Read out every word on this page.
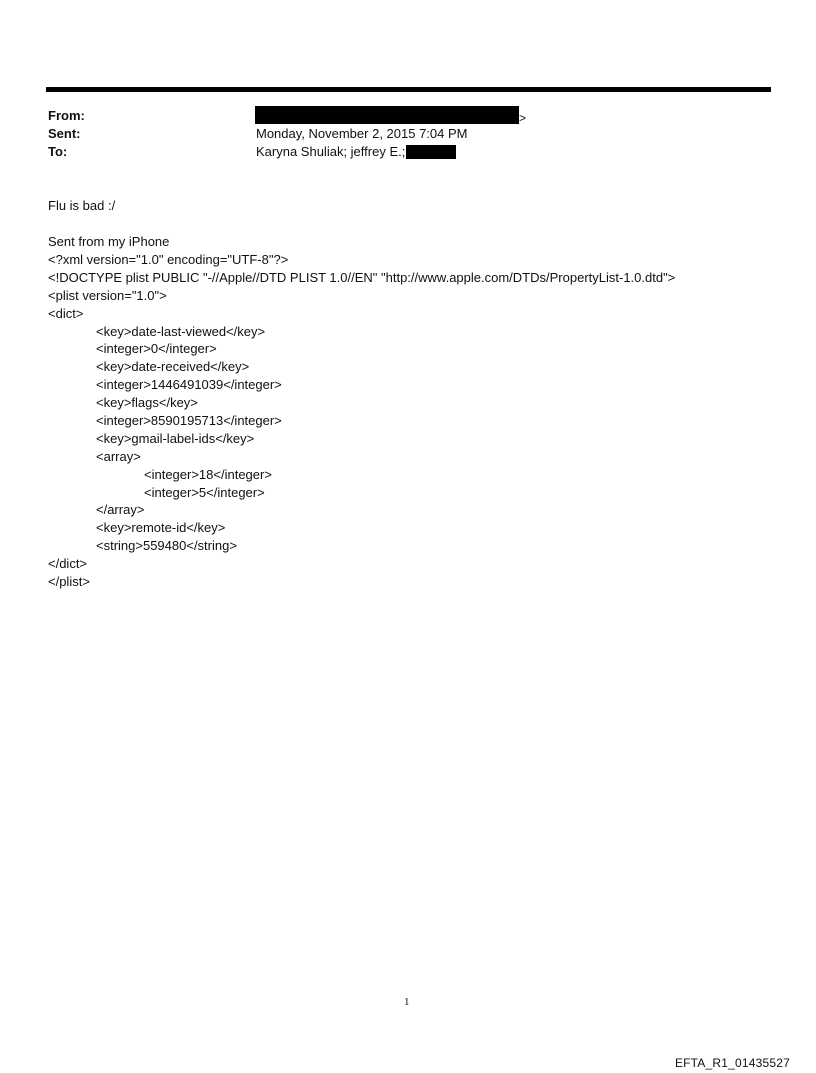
From:	>
Sent:	Monday, November 2, 2015 7:04 PM
To:	Karyna Shuliak; jeffrey E.;
Flu is bad :/
Sent from my iPhone
<?xml version="1.0" encoding="UTF-8"?>
<!DOCTYPE plist PUBLIC "-//Apple//DTD PLIST 1.0//EN" "http://www.apple.com/DTDs/PropertyList-1.0.dtd">
<plist version="1.0">
<dict>
<key>date-last-viewed</key>
<integer>0</integer>
<key>date-received</key>
<integer>1446491039</integer>
<key>flags</key>
<integer>8590195713</integer>
<key>gmail-label-ids</key>
<array>
<integer>18</integer>
<integer>5</integer>
</array>
<key>remote-id</key>
<string>559480</string>
</dict>
</plist>
1
EFTA_R1_01435527
